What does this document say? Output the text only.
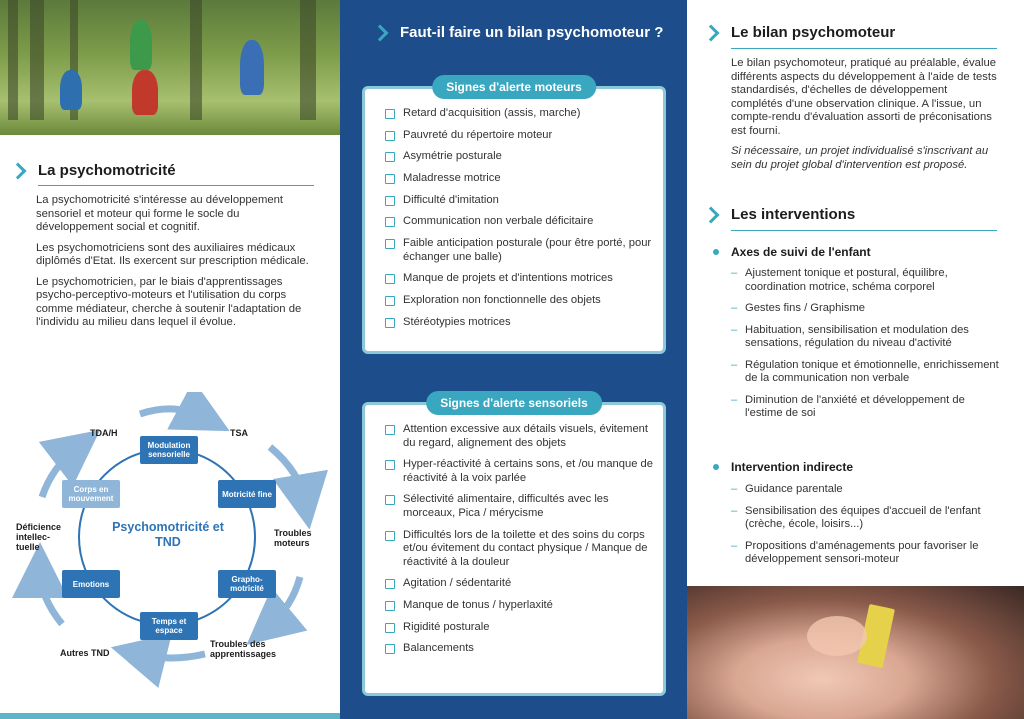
La psychomotricité

La psychomotricité s'intéresse au développement sensoriel et moteur qui forme le socle du développement social et cognitif.

Les psychomotriciens sont des auxiliaires médicaux diplômés d'Etat. Ils exercent sur prescription médicale.

Le psychomotricien, par le biais d'apprentissages psycho-perceptivo-moteurs et l'utilisation du corps comme médiateur, cherche à soutenir l'adaptation de l'individu au milieu dans lequel il évolue.

Modulation sensorielle
Motricité fine
Grapho-motricité
Temps et espace
Emotions
Corps en mouvement
Psychomotricité et TND
TDA/H	TSA
Troubles moteurs
Troubles des apprentissages
Autres TND
Déficience intellec-tuelle
Faut-il faire un bilan psychomoteur ?
Signes d'alerte moteurs
Retard d'acquisition (assis, marche)
Pauvreté du répertoire moteur
Asymétrie posturale
Maladresse motrice
Difficulté d'imitation
Communication non verbale déficitaire
Faible anticipation posturale (pour être porté, pour échanger une balle)
Manque de projets et d'intentions motrices
Exploration non fonctionnelle des objets
Stéréotypies motrices
Signes d'alerte sensoriels
Attention excessive aux détails visuels, évitement du regard, alignement des objets
Hyper-réactivité à certains sons, et /ou manque de réactivité à la voix parlée
Sélectivité alimentaire, difficultés avec les morceaux, Pica / mérycisme
Difficultés lors de la toilette et des soins du corps et/ou évitement du contact physique / Manque de réactivité à la douleur
Agitation / sédentarité
Manque de tonus / hyperlaxité
Rigidité posturale
Balancements
Le bilan psychomoteur

Le bilan psychomoteur, pratiqué au préalable, évalue différents aspects du développement à l'aide de tests standardisés, d'échelles de développement complétés d'une observation clinique. A l'issue, un compte-rendu d'évaluation assorti de préconisations est fourni.

Si nécessaire, un projet individualisé s'inscrivant au sein du projet global d'intervention est proposé.

Les interventions
Axes de suivi de l'enfant
– Ajustement tonique et postural, équilibre, coordination motrice, schéma corporel
– Gestes fins / Graphisme
– Habituation, sensibilisation et modulation des sensations, régulation du niveau d'activité
– Régulation tonique et émotionnelle, enrichissement de la communication non verbale
– Diminution de l'anxiété et développement de l'estime de soi
Intervention indirecte
– Guidance parentale
– Sensibilisation des équipes d'accueil de l'enfant (crèche, école, loisirs...)
– Propositions d'aménagements pour favoriser le développement sensori-moteur
